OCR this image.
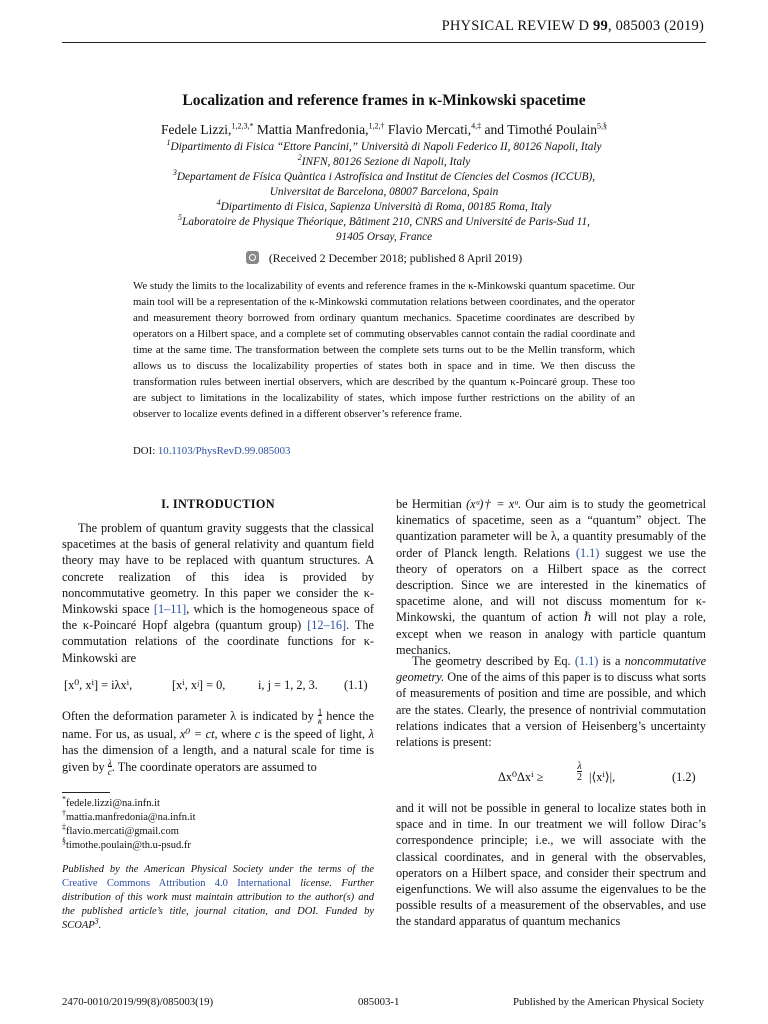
PHYSICAL REVIEW D 99, 085003 (2019)
Localization and reference frames in κ-Minkowski spacetime
Fedele Lizzi,$^{1,2,3,*}$ Mattia Manfredonia,$^{1,2,\dagger}$ Flavio Mercati,$^{4,\ddagger}$ and Timothé Poulain$^{5,\S}$
$^1$Dipartimento di Fisica “Ettore Pancini,” Università di Napoli Federico II, 80126 Napoli, Italy
$^2$INFN, 80126 Sezione di Napoli, Italy
$^3$Departament de Física Quàntica i Astrofísica and Institut de Cíencies del Cosmos (ICCUB),
Universitat de Barcelona, 08007 Barcelona, Spain
$^4$Dipartimento di Fisica, Sapienza Università di Roma, 00185 Roma, Italy
$^5$Laboratoire de Physique Théorique, Bâtiment 210, CNRS and Université de Paris-Sud 11,
91405 Orsay, France
(Received 2 December 2018; published 8 April 2019)
We study the limits to the localizability of events and reference frames in the κ-Minkowski quantum spacetime. Our main tool will be a representation of the κ-Minkowski commutation relations between coordinates, and the operator and measurement theory borrowed from ordinary quantum mechanics. Spacetime coordinates are described by operators on a Hilbert space, and a complete set of commuting observables cannot contain the radial coordinate and time at the same time. The transformation between the complete sets turns out to be the Mellin transform, which allows us to discuss the localizability properties of states both in space and in time. We then discuss the transformation rules between inertial observers, which are described by the quantum κ-Poincaré group. These too are subject to limitations in the localizability of states, which impose further restrictions on the ability of an observer to localize events defined in a different observer’s reference frame.
DOI: 10.1103/PhysRevD.99.085003
I. INTRODUCTION
The problem of quantum gravity suggests that the classical spacetimes at the basis of general relativity and quantum field theory may have to be replaced with quantum structures. A concrete realization of this idea is provided by noncommutative geometry. In this paper we consider the κ-Minkowski space [1–11], which is the homogeneous space of the κ-Poincaré Hopf algebra (quantum group) [12–16]. The commutation relations of the coordinate functions for κ-Minkowski are
[x⁰, xⁱ] = iλxⁱ,	[xⁱ, xʲ] = 0,	i, j = 1, 2, 3. (1.1)
Often the deformation parameter λ is indicated by 1
κ hence the name. For us, as usual, x⁰ = ct, where c is the speed of light, λ has the dimension of a length, and a natural scale for time is given by λ
c. The coordinate operators are assumed to
*fedele.lizzi@na.infn.it
†mattia.manfredonia@na.infn.it
‡flavio.mercati@gmail.com
§timothe.poulain@th.u-psud.fr
Published by the American Physical Society under the terms of the Creative Commons Attribution 4.0 International license. Further distribution of this work must maintain attribution to the author(s) and the published article’s title, journal citation, and DOI. Funded by SCOAP$^3$.
be Hermitian (xᵘ)† = xᵘ. Our aim is to study the geometrical kinematics of spacetime, seen as a “quantum” object. The quantization parameter will be λ, a quantity presumably of the order of Planck length. Relations (1.1) suggest we use the theory of operators on a Hilbert space as the correct description. Since we are interested in the kinematics of spacetime alone, and will not discuss momentum for κ-Minkowski, the quantum of action ℏ will not play a role, except when we reason in analogy with particle quantum mechanics.
The geometry described by Eq. (1.1) is a noncommutative geometry. One of the aims of this paper is to discuss what sorts of measurements of position and time are possible, and which are the states. Clearly, the presence of nontrivial commutation relations indicates that a version of Heisenberg’s uncertainty relations is present:
Δx⁰Δxⁱ ≥
λ
2 |⟨xⁱ⟩|,	(1.2)
and it will not be possible in general to localize states both in space and in time. In our treatment we will follow Dirac’s correspondence principle; i.e., we will associate with the classical coordinates, and in general with the observables, operators on a Hilbert space, and consider their spectrum and eigenfunctions. We will also assume the eigenvalues to be the possible results of a measurement of the observables, and use the standard apparatus of quantum mechanics
2470-0010/2019/99(8)/085003(19)	085003-1	Published by the American Physical Society
